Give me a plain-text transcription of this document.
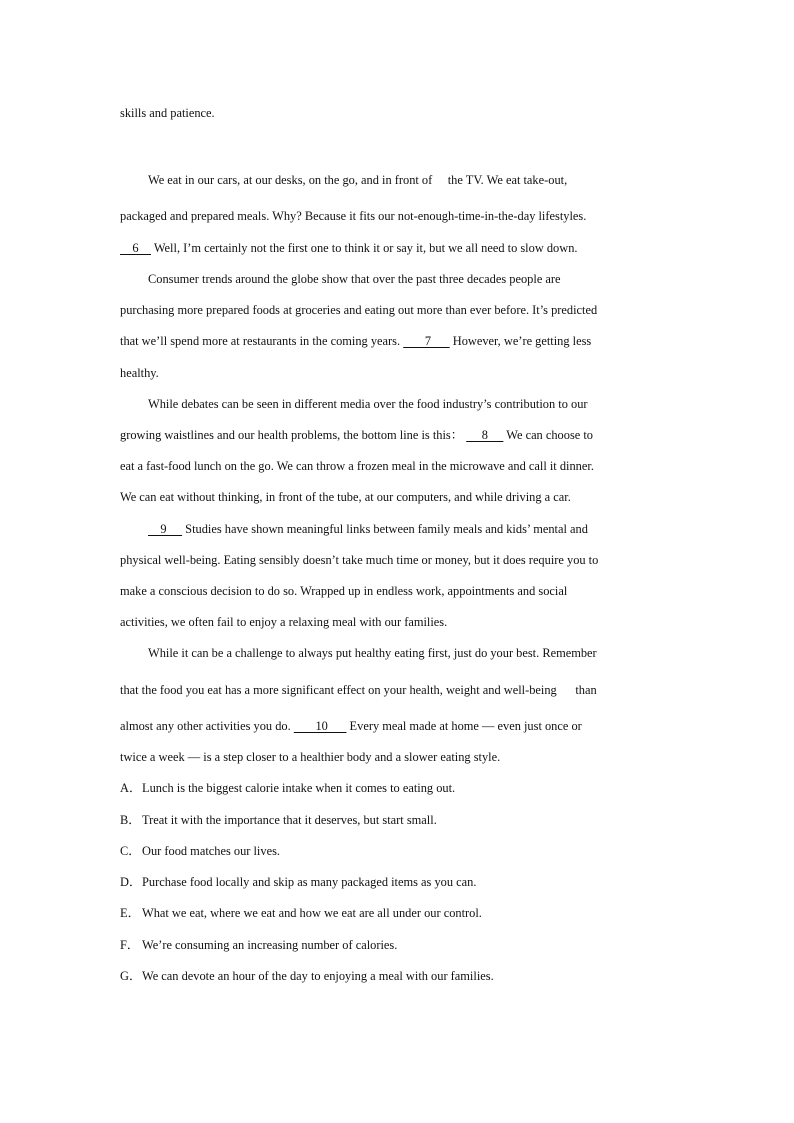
skills and patience.
We eat in our cars, at our desks, on the go, and in front of     the TV. We eat take-out,
packaged and prepared meals. Why? Because it fits our not-enough-time-in-the-day lifestyles.
6     Well, I’m certainly not the first one to think it or say it, but we all need to slow down.
Consumer trends around the globe show that over the past three decades people are
purchasing more prepared foods at groceries and eating out more than ever before. It’s predicted
that we’ll spend more at restaurants in the coming years.        7       However, we’re getting less
healthy.
While debates can be seen in different media over the food industry’s contribution to our
growing waistlines and our health problems, the bottom line is this：      8      We can choose to
eat a fast-food lunch on the go. We can throw a frozen meal in the microwave and call it dinner.
We can eat without thinking, in front of the tube, at our computers, and while driving a car.
9      Studies have shown meaningful links between family meals and kids’ mental and
physical well-being. Eating sensibly doesn’t take much time or money, but it does require you to
make a conscious decision to do so. Wrapped up in endless work, appointments and social
activities, we often fail to enjoy a relaxing meal with our families.
While it can be a challenge to always put healthy eating first, just do your best. Remember
that the food you eat has a more significant effect on your health, weight and well-being      than
almost any other activities you do.        10       Every meal made at home — even just once or
twice a week — is a step closer to a healthier body and a slower eating style.
A．Lunch is the biggest calorie intake when it comes to eating out.
B．Treat it with the importance that it deserves, but start small.
C．Our food matches our lives.
D．Purchase food locally and skip as many packaged items as you can.
E． What we eat, where we eat and how we eat are all under our control.
F． We’re consuming an increasing number of calories.
G．We can devote an hour of the day to enjoying a meal with our families.
